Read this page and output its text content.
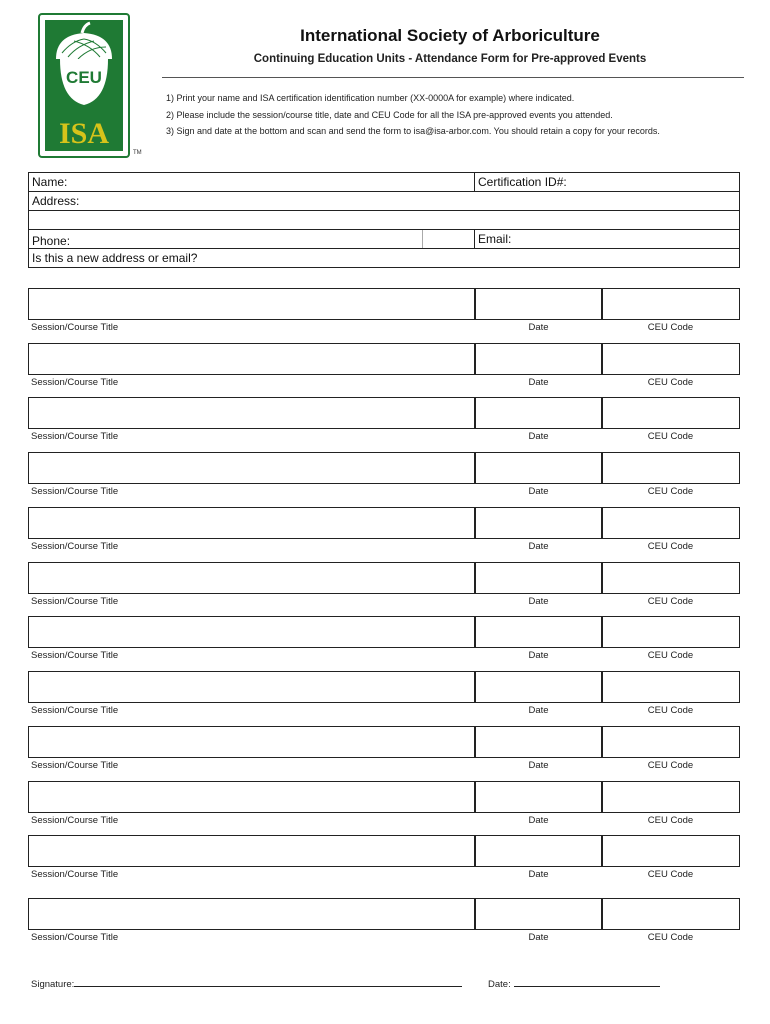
CEU
ISA
TM
International Society of Arboriculture
Continuing Education Units - Attendance Form for Pre-approved Events
1) Print your name and ISA certification identification number (XX-0000A for example) where indicated.
2) Please include the session/course title, date and CEU Code for all the ISA pre-approved events you attended.
3) Sign and date at the bottom and scan and send the form to isa@isa-arbor.com. You should retain a copy for your records.
Name:	Certification ID#:
Address:
Phone:	Email:
Is this a new address or email?
Session/Course Title	Date	CEU Code
Session/Course Title	Date	CEU Code
Session/Course Title	Date	CEU Code
Session/Course Title	Date	CEU Code
Session/Course Title	Date	CEU Code
Session/Course Title	Date	CEU Code
Session/Course Title	Date	CEU Code
Session/Course Title	Date	CEU Code
Session/Course Title	Date	CEU Code
Session/Course Title	Date	CEU Code
Session/Course Title	Date	CEU Code
Session/Course Title	Date	CEU Code
Signature:	Date:
